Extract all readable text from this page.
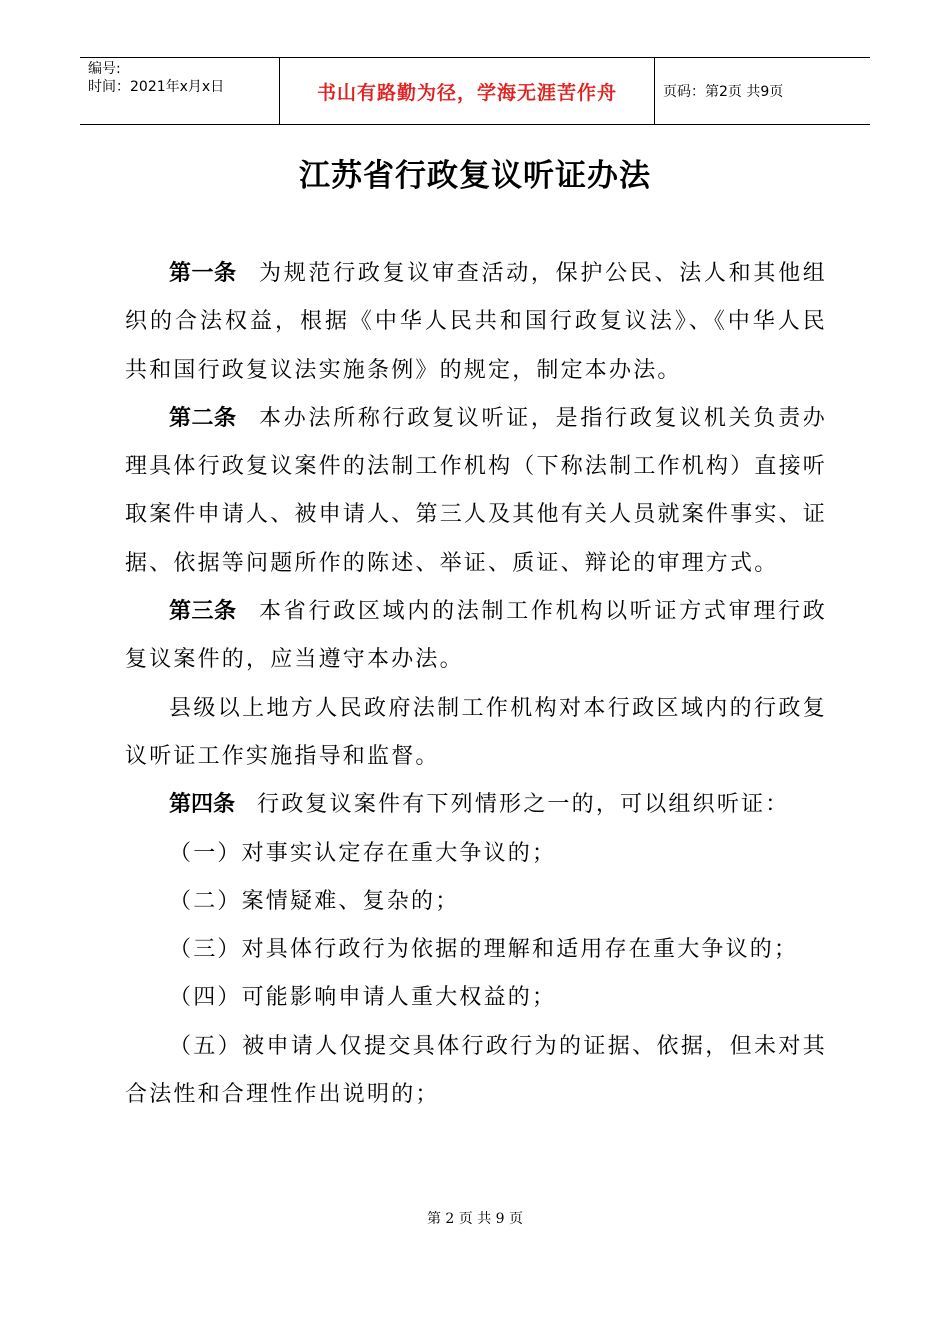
编号:
时间：2021年x月x日	书山有路勤为径，学海无涯苦作舟	页码：第2页 共9页
江苏省行政复议听证办法

第一条 为规范行政复议审查活动，保护公民、法人和其他组织的合法权益，根据《中华人民共和国行政复议法》、《中华人民共和国行政复议法实施条例》的规定，制定本办法。

第二条 本办法所称行政复议听证，是指行政复议机关负责办理具体行政复议案件的法制工作机构（下称法制工作机构）直接听取案件申请人、被申请人、第三人及其他有关人员就案件事实、证据、依据等问题所作的陈述、举证、质证、辩论的审理方式。

第三条 本省行政区域内的法制工作机构以听证方式审理行政复议案件的，应当遵守本办法。

县级以上地方人民政府法制工作机构对本行政区域内的行政复议听证工作实施指导和监督。

第四条 行政复议案件有下列情形之一的，可以组织听证：

（一）对事实认定存在重大争议的；

（二）案情疑难、复杂的；

（三）对具体行政行为依据的理解和适用存在重大争议的；

（四）可能影响申请人重大权益的；

（五）被申请人仅提交具体行政行为的证据、依据，但未对其合法性和合理性作出说明的；

第 2 页 共 9 页
